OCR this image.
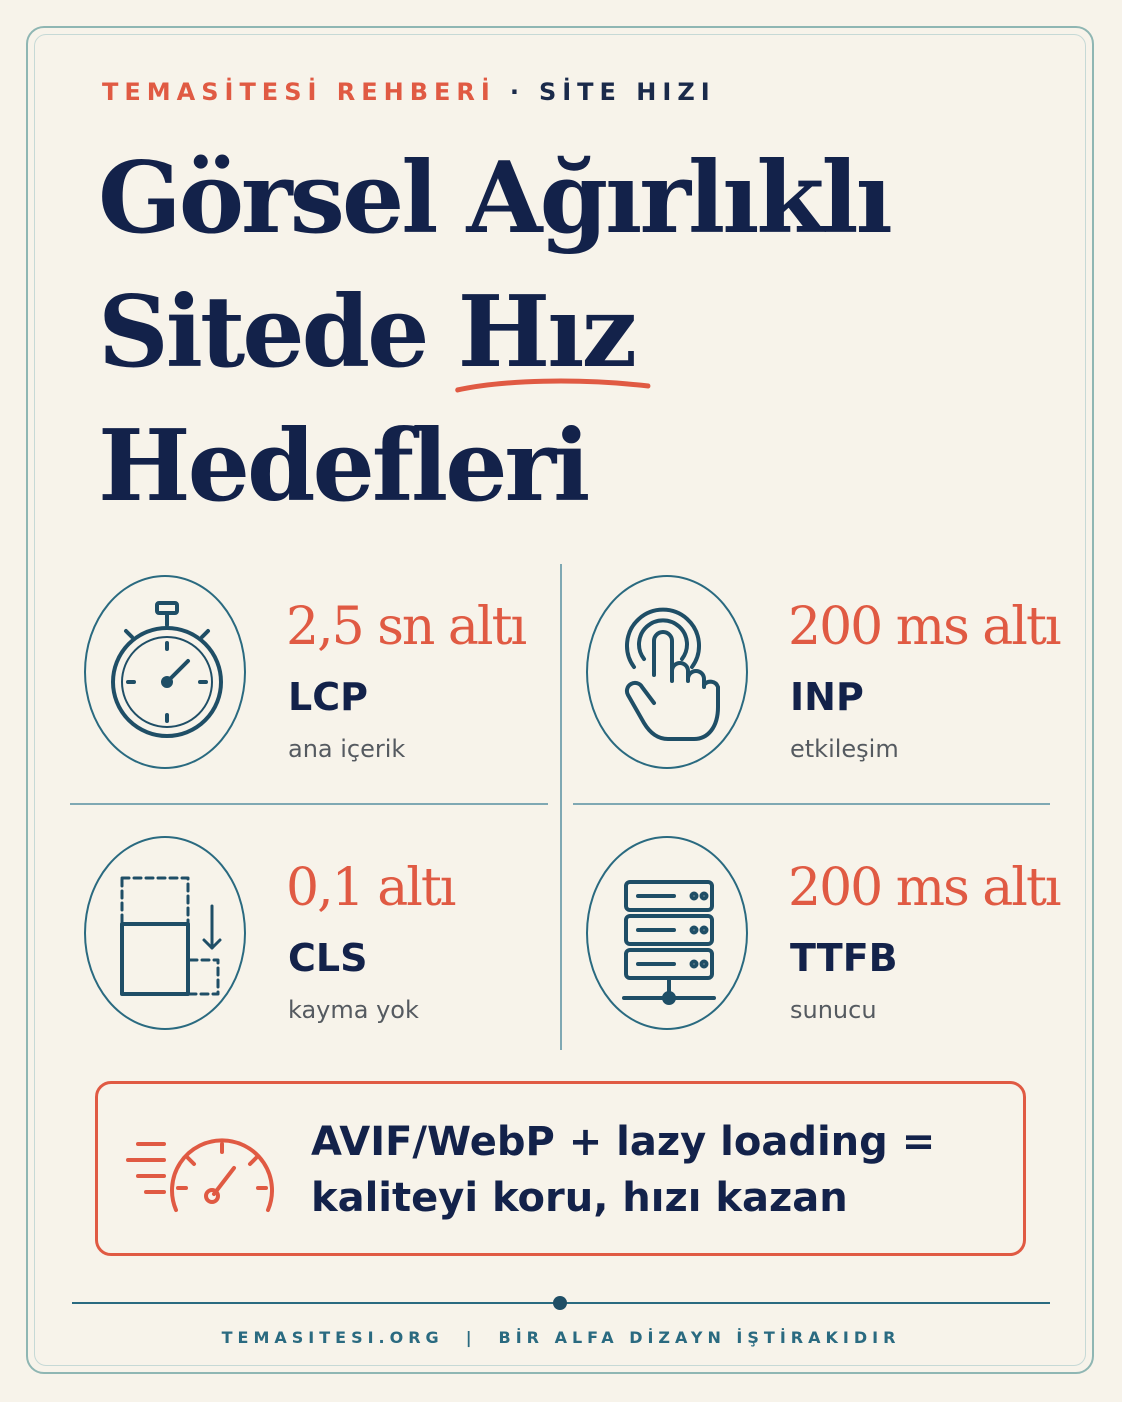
TEMASİTESİ REHBERİ · SİTE HIZI
Görsel Ağırlıklı
Sitede Hız
Hedefleri
2,5 sn altı
LCP
ana içerik
200 ms altı
INP
etkileşim
0,1 altı
CLS
kayma yok
200 ms altı
TTFB
sunucu
AVIF/WebP + lazy loading =
kaliteyi koru, hızı kazan
TEMASITESI.ORG | BİR ALFA DİZAYN İŞTİRAKIDIR
